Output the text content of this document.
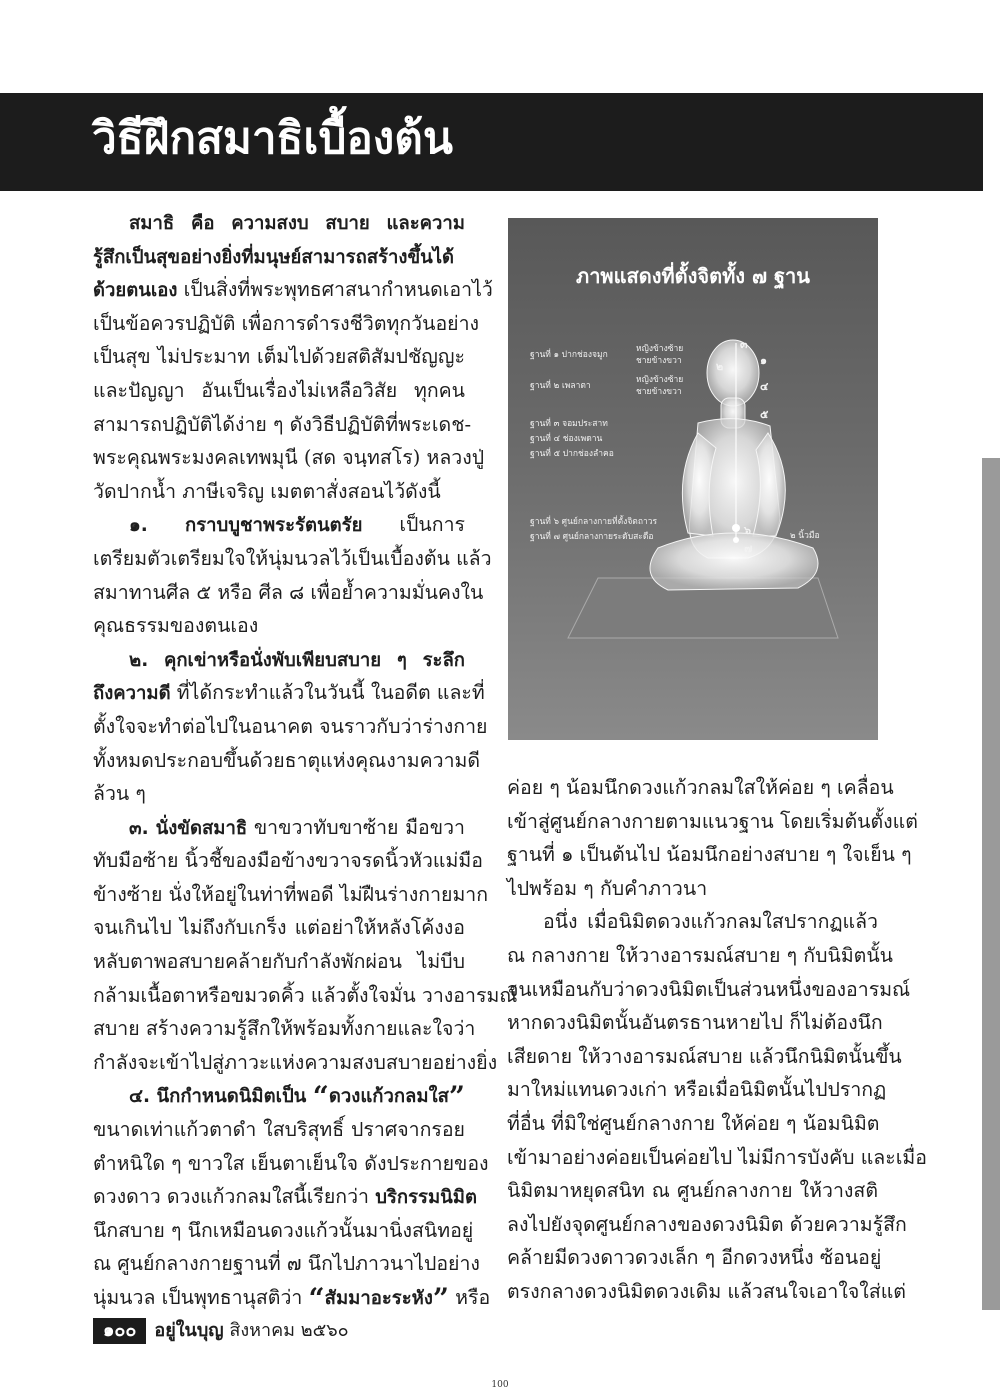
วิธีฝึกสมาธิเบื้องต้น
สมาธิ คือ ความสงบ สบาย และความ
รู้สึกเป็นสุขอย่างยิ่งที่มนุษย์สามารถสร้างขึ้นได้
ด้วยตนเอง เป็นสิ่งที่พระพุทธศาสนากำหนดเอาไว้
เป็นข้อควรปฏิบัติ เพื่อการดำรงชีวิตทุกวันอย่าง
เป็นสุข ไม่ประมาท เต็มไปด้วยสติสัมปชัญญะ
และปัญญา อันเป็นเรื่องไม่เหลือวิสัย ทุกคน
สามารถปฏิบัติได้ง่าย ๆ ดังวิธีปฏิบัติที่พระเดช-
พระคุณพระมงคลเทพมุนี (สด จนฺทสโร) หลวงปู่
วัดปากน้ำ ภาษีเจริญ เมตตาสั่งสอนไว้ดังนี้
๑. กราบบูชาพระรัตนตรัย เป็นการ
เตรียมตัวเตรียมใจให้นุ่มนวลไว้เป็นเบื้องต้น แล้ว
สมาทานศีล ๕ หรือ ศีล ๘ เพื่อย้ำความมั่นคงใน
คุณธรรมของตนเอง
๒. คุกเข่าหรือนั่งพับเพียบสบาย ๆ ระลึก
ถึงความดี ที่ได้กระทำแล้วในวันนี้ ในอดีต และที่
ตั้งใจจะทำต่อไปในอนาคต จนราวกับว่าร่างกาย
ทั้งหมดประกอบขึ้นด้วยธาตุแห่งคุณงามความดี
ล้วน ๆ
๓. นั่งขัดสมาธิ ขาขวาทับขาซ้าย มือขวา
ทับมือซ้าย นิ้วชี้ของมือข้างขวาจรดนิ้วหัวแม่มือ
ข้างซ้าย นั่งให้อยู่ในท่าที่พอดี ไม่ฝืนร่างกายมาก
จนเกินไป ไม่ถึงกับเกร็ง แต่อย่าให้หลังโค้งงอ
หลับตาพอสบายคล้ายกับกำลังพักผ่อน ไม่บีบ
กล้ามเนื้อตาหรือขมวดคิ้ว แล้วตั้งใจมั่น วางอารมณ์
สบาย สร้างความรู้สึกให้พร้อมทั้งกายและใจว่า
กำลังจะเข้าไปสู่ภาวะแห่งความสงบสบายอย่างยิ่ง
๔. นึกกำหนดนิมิตเป็น “ดวงแก้วกลมใส”
ขนาดเท่าแก้วตาดำ ใสบริสุทธิ์ ปราศจากรอย
ตำหนิใด ๆ ขาวใส เย็นตาเย็นใจ ดังประกายของ
ดวงดาว ดวงแก้วกลมใสนี้เรียกว่า บริกรรมนิมิต
นึกสบาย ๆ นึกเหมือนดวงแก้วนั้นมานิ่งสนิทอยู่
ณ ศูนย์กลางกายฐานที่ ๗ นึกไปภาวนาไปอย่าง
นุ่มนวล เป็นพุทธานุสติว่า “สัมมาอะระหัง” หรือ
ค่อย ๆ น้อมนึกดวงแก้วกลมใสให้ค่อย ๆ เคลื่อน
เข้าสู่ศูนย์กลางกายตามแนวฐาน โดยเริ่มต้นตั้งแต่
ฐานที่ ๑ เป็นต้นไป น้อมนึกอย่างสบาย ๆ ใจเย็น ๆ
ไปพร้อม ๆ กับคำภาวนา
อนึ่ง เมื่อนิมิตดวงแก้วกลมใสปรากฏแล้ว
ณ กลางกาย ให้วางอารมณ์สบาย ๆ กับนิมิตนั้น
จนเหมือนกับว่าดวงนิมิตเป็นส่วนหนึ่งของอารมณ์
หากดวงนิมิตนั้นอันตรธานหายไป ก็ไม่ต้องนึก
เสียดาย ให้วางอารมณ์สบาย แล้วนึกนิมิตนั้นขึ้น
มาใหม่แทนดวงเก่า หรือเมื่อนิมิตนั้นไปปรากฏ
ที่อื่น ที่มิใช่ศูนย์กลางกาย ให้ค่อย ๆ น้อมนิมิต
เข้ามาอย่างค่อยเป็นค่อยไป ไม่มีการบังคับ และเมื่อ
นิมิตมาหยุดสนิท ณ ศูนย์กลางกาย ให้วางสติ
ลงไปยังจุดศูนย์กลางของดวงนิมิต ด้วยความรู้สึก
คล้ายมีดวงดาวดวงเล็ก ๆ อีกดวงหนึ่ง ซ้อนอยู่
ตรงกลางดวงนิมิตดวงเดิม แล้วสนใจเอาใจใส่แต่
ฐานที่ ๑ ปากช่องจมูก
หญิงข้างซ้าย
ชายข้างขวา
ฐานที่ ๒ เพลาตา
หญิงข้างซ้าย
ชายข้างขวา
ฐานที่ ๓ จอมประสาท
ฐานที่ ๔ ช่องเพดาน
ฐานที่ ๕ ปากช่องลำคอ
ฐานที่ ๖ ศูนย์กลางกายที่ตั้งจิตถาวร
ฐานที่ ๗ ศูนย์กลางกายระดับสะดือ	๒ นิ้วมือ
๑
๒
๓
๔
๕
๖
๗
ภาพแสดงที่ตั้งจิตทั้ง ๗ ฐาน
๑๐๐ อยู่ในบุญ สิงหาคม ๒๕๖๐
100
